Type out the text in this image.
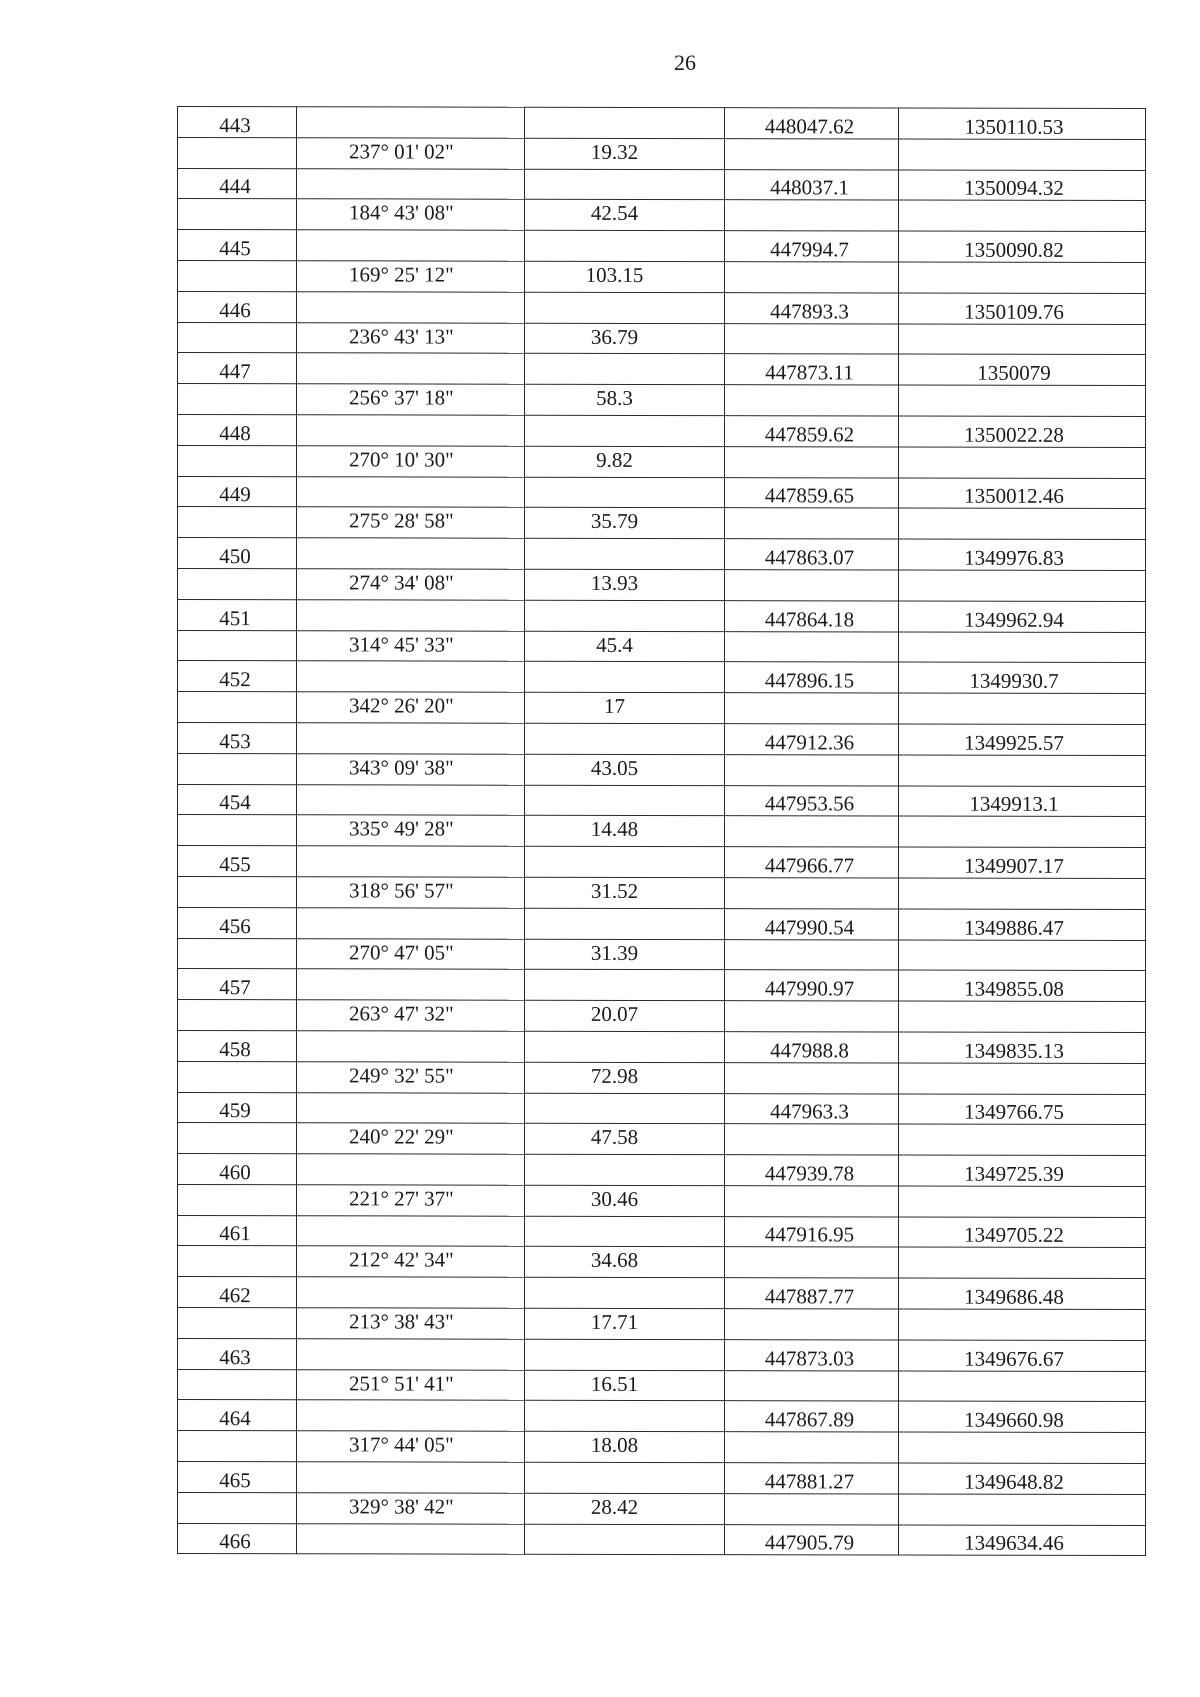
26
443			448047.62	1350110.53
	237° 01' 02"	19.32		
444			448037.1	1350094.32
	184° 43' 08"	42.54		
445			447994.7	1350090.82
	169° 25' 12"	103.15		
446			447893.3	1350109.76
	236° 43' 13"	36.79		
447			447873.11	1350079
	256° 37' 18"	58.3		
448			447859.62	1350022.28
	270° 10' 30"	9.82		
449			447859.65	1350012.46
	275° 28' 58"	35.79		
450			447863.07	1349976.83
	274° 34' 08"	13.93		
451			447864.18	1349962.94
	314° 45' 33"	45.4		
452			447896.15	1349930.7
	342° 26' 20"	17		
453			447912.36	1349925.57
	343° 09' 38"	43.05		
454			447953.56	1349913.1
	335° 49' 28"	14.48		
455			447966.77	1349907.17
	318° 56' 57"	31.52		
456			447990.54	1349886.47
	270° 47' 05"	31.39		
457			447990.97	1349855.08
	263° 47' 32"	20.07		
458			447988.8	1349835.13
	249° 32' 55"	72.98		
459			447963.3	1349766.75
	240° 22' 29"	47.58		
460			447939.78	1349725.39
	221° 27' 37"	30.46		
461			447916.95	1349705.22
	212° 42' 34"	34.68		
462			447887.77	1349686.48
	213° 38' 43"	17.71		
463			447873.03	1349676.67
	251° 51' 41"	16.51		
464			447867.89	1349660.98
	317° 44' 05"	18.08		
465			447881.27	1349648.82
	329° 38' 42"	28.42		
466			447905.79	1349634.46
